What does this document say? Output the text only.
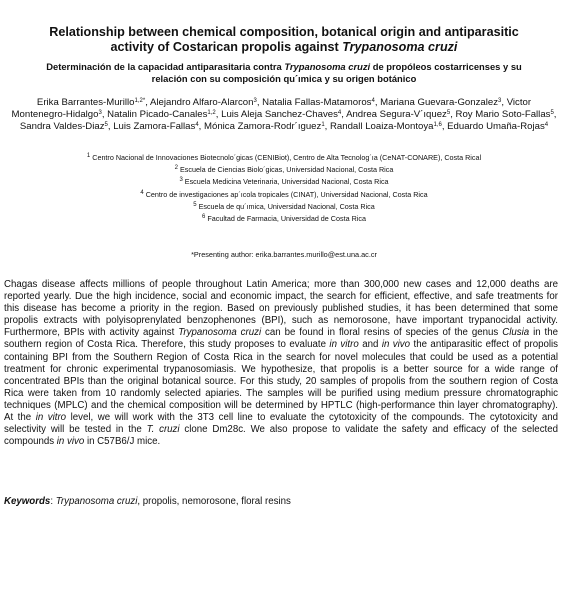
Relationship between chemical composition, botanical origin and antiparasitic
activity of Costarican propolis against Trypanosoma cruzi
Determinación de la capacidad antiparasitaria contra Trypanosoma cruzi de propóleos costarricenses y su
relación con su composición qu´ımica y su origen botánico
Erika Barrantes-Murillo$^{1,2*}$, Alejandro Alfaro-Alarcon$^3$, Natalia Fallas-Matamoros$^4$, Mariana Guevara-Gonzalez$^3$, Victor Montenegro-Hidalgo$^3$, Natalin Picado-Canales$^{1,2}$, Luis Aleja Sanchez-Chaves$^4$, Andrea Segura-V´ıquez$^5$, Roy Mario Soto-Fallas$^5$, Sandra Valdes-Diaz$^5$, Luis Zamora-Fallas$^4$, Mónica Zamora-Rodr´ıguez$^1$, Randall Loaiza-Montoya$^{1,6}$, Eduardo Umaña-Rojas$^4$
$^1$ Centro Nacional de Innovaciones Biotecnolo´gicas (CENIBiot), Centro de Alta Tecnolog´ıa (CeNAT-CONARE), Costa Rical
$^2$ Escuela de Ciencias Biolo´gicas, Universidad Nacional, Costa Rica
$^3$ Escuela Medicina Veterinaria, Universidad Nacional, Costa Rica
$^4$ Centro de investigaciones ap´ıcola tropicales (CINAT), Universidad Nacional, Costa Rica
$^5$ Escuela de qu´ımica, Universidad Nacional, Costa Rica
$^6$ Facultad de Farmacia, Universidad de Costa Rica
*Presenting author: erika.barrantes.murillo@est.una.ac.cr

Chagas disease affects millions of people throughout Latin America; more than 300,000 new cases and 12,000 deaths are reported yearly. Due the high incidence, social and economic impact, the search for efficient, effective, and safe treatments for this disease has become a priority in the region. Based on previously published studies, it has been determined that some propolis extracts with polyisoprenylated benzophenones (BPI), such as nemorosone, have important trypanocidal activity. Furthermore, BPIs with activity against Trypanosoma cruzi can be found in floral resins of species of the genus Clusia in the southern region of Costa Rica. Therefore, this study proposes to evaluate in vitro and in vivo the antiparasitic effect of propolis containing BPI from the Southern Region of Costa Rica in the search for novel molecules that could be used as a potential treatment for chronic experimental trypanosomiasis. We hypothesize, that propolis is a better source for a wide range of concentrated BPIs than the original botanical source. For this study, 20 samples of propolis from the southern region of Costa Rica were taken from 10 randomly selected apiaries. The samples will be purified using medium pressure chromatographic techniques (MPLC) and the chemical composition will be determined by HPTLC (high-performance thin layer chromatography). At the in vitro level, we will work with the 3T3 cell line to evaluate the cytotoxicity of the compounds. The cytotoxicity and selectivity will be tested in the T. cruzi clone Dm28c. We also propose to validate the safety and efficacy of the selected compounds in vivo in C57B6/J mice.

Keywords: Trypanosoma cruzi, propolis, nemorosone, floral resins
